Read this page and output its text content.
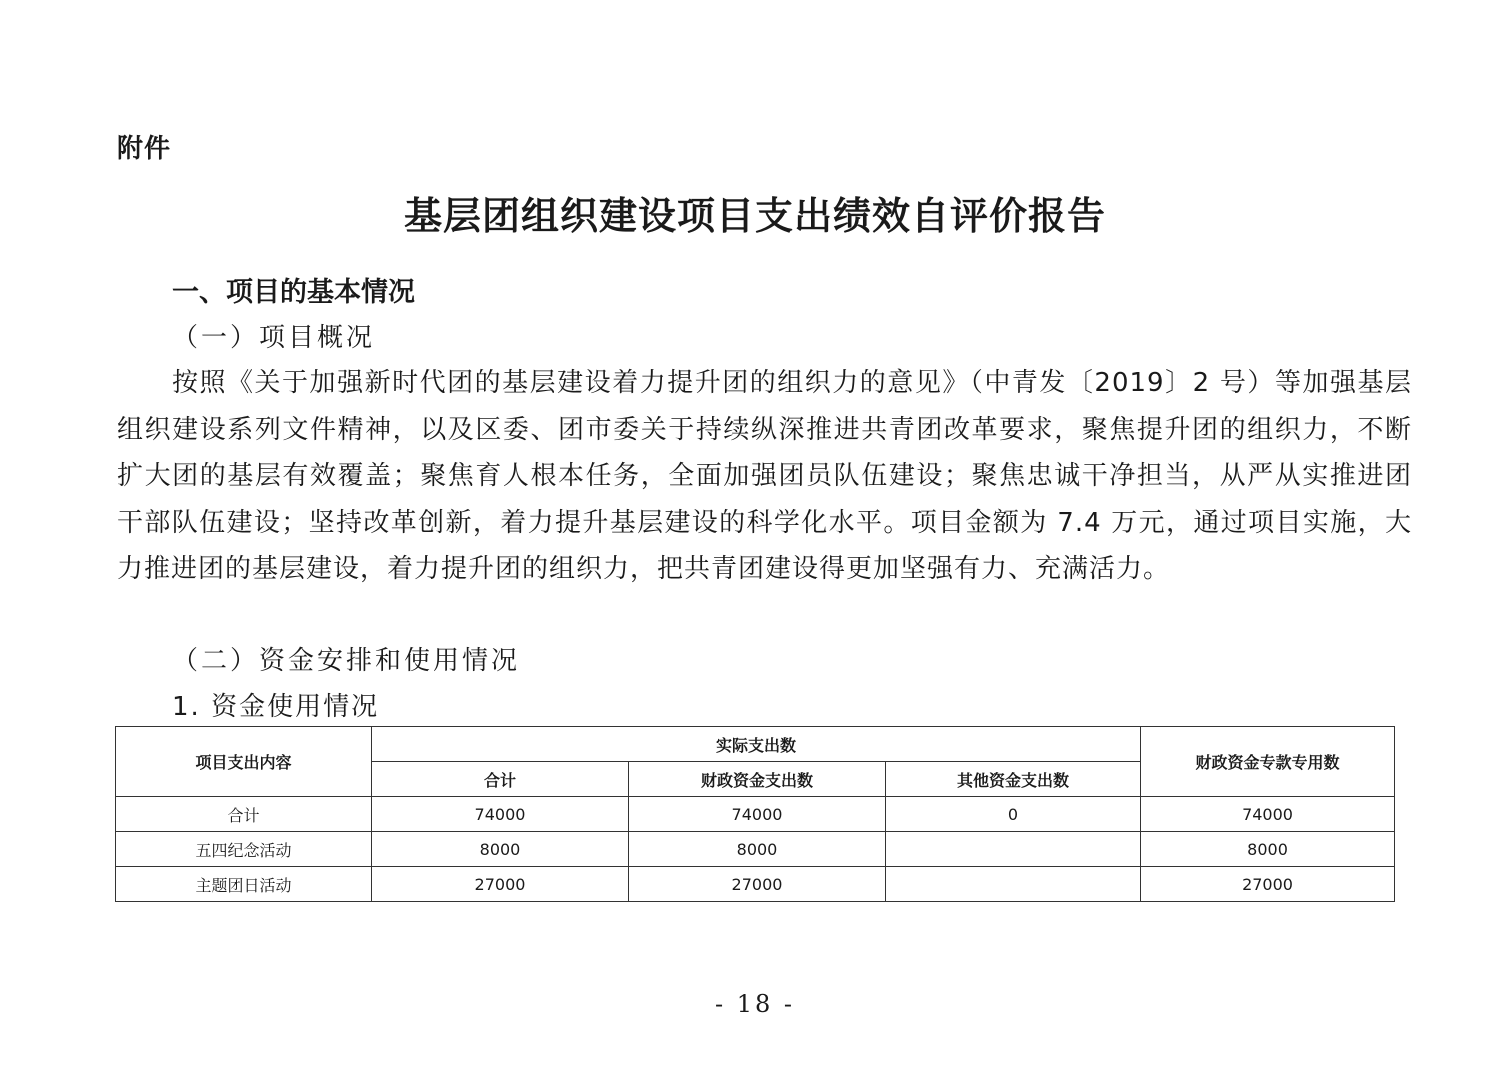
附件
基层团组织建设项目支出绩效自评价报告
一、项目的基本情况
（一）项目概况

按照《关于加强新时代团的基层建设着力提升团的组织力的意见》（中青发〔2019〕2 号）等加强基层组织建设系列文件精神，以及区委、团市委关于持续纵深推进共青团改革要求，聚焦提升团的组织力，不断扩大团的基层有效覆盖；聚焦育人根本任务，全面加强团员队伍建设；聚焦忠诚干净担当，从严从实推进团干部队伍建设；坚持改革创新，着力提升基层建设的科学化水平。项目金额为 7.4 万元，通过项目实施，大力推进团的基层建设，着力提升团的组织力，把共青团建设得更加坚强有力、充满活力。

（二）资金安排和使用情况
1. 资金使用情况
项目支出内容	实际支出数			财政资金专款专用数
	合计	财政资金支出数	其他资金支出数	
合计	74000	74000	0	74000
五四纪念活动	8000	8000		8000
主题团日活动	27000	27000		27000
- 18 -
